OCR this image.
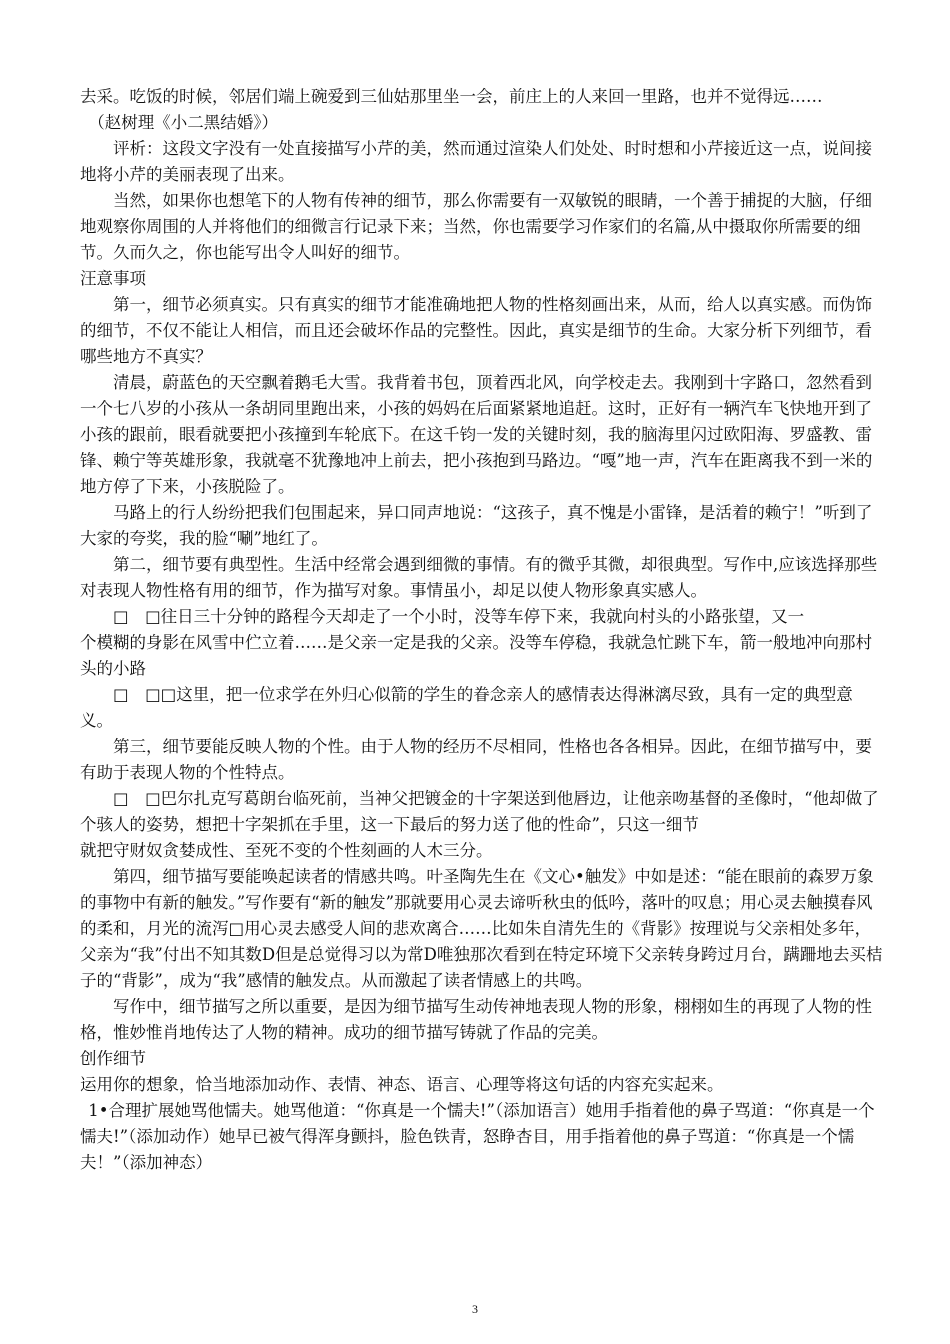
去采。吃饭的时候，邻居们端上碗爱到三仙姑那里坐一会，前庄上的人来回一里路，也并不觉得远……

（赵树理《小二黑结婚》）

评析：这段文字没有一处直接描写小芹的美，然而通过渲染人们处处、时时想和小芹接近这一点，说间接地将小芹的美丽表现了出来。

当然，如果你也想笔下的人物有传神的细节，那么你需要有一双敏锐的眼睛，一个善于捕捉的大脑，仔细地观察你周围的人并将他们的细微言行记录下来；当然，你也需要学习作家们的名篇,从中摄取你所需要的细节。久而久之，你也能写出令人叫好的细节。

汪意事项

第一，细节必须真实。只有真实的细节才能准确地把人物的性格刻画出来，从而，给人以真实感。而伪饰的细节，不仅不能让人相信，而且还会破坏作品的完整性。因此，真实是细节的生命。大家分析下列细节，看哪些地方不真实？

清晨，蔚蓝色的天空飘着鹅毛大雪。我背着书包，顶着西北风，向学校走去。我刚到十字路口，忽然看到一个七八岁的小孩从一条胡同里跑出来，小孩的妈妈在后面紧紧地追赶。这时，正好有一辆汽车飞快地开到了小孩的跟前，眼看就要把小孩撞到车轮底下。在这千钧一发的关键时刻，我的脑海里闪过欧阳海、罗盛教、雷锋、赖宁等英雄形象，我就毫不犹豫地冲上前去，把小孩抱到马路边。“嘎”地一声，汽车在距离我不到一米的地方停了下来，小孩脱险了。

马路上的行人纷纷把我们包围起来，异口同声地说：“这孩子，真不愧是小雷锋，是活着的赖宁！”听到了大家的夸奖，我的脸“唰”地红了。

第二，细节要有典型性。生活中经常会遇到细微的事情。有的微乎其微，却很典型。写作中,应该选择那些对表现人物性格有用的细节，作为描写对象。事情虽小，却足以使人物形象真实感人。

□　□往日三十分钟的路程今天却走了一个小时，没等车停下来，我就向村头的小路张望，又一

个模糊的身影在风雪中伫立着……是父亲一定是我的父亲。没等车停稳，我就急忙跳下车，箭一般地冲向那村头的小路

□　□□这里，把一位求学在外归心似箭的学生的眷念亲人的感情表达得淋漓尽致，具有一定的典型意义。

第三，细节要能反映人物的个性。由于人物的经历不尽相同，性格也各各相异。因此，在细节描写中，要有助于表现人物的个性特点。

□　□巴尔扎克写葛朗台临死前，当神父把镀金的十字架送到他唇边，让他亲吻基督的圣像时，“他却做了个骇人的姿势，想把十字架抓在手里，这一下最后的努力送了他的性命”，只这一细节

就把守财奴贪婪成性、至死不变的个性刻画的人木三分。

第四，细节描写要能唤起读者的情感共鸣。叶圣陶先生在《文心•触发》中如是述：“能在眼前的森罗万象的事物中有新的触发。”写作要有“新的触发”那就要用心灵去谛听秋虫的低吟，落叶的叹息；用心灵去触摸春风的柔和，月光的流泻□用心灵去感受人间的悲欢离合……比如朱自清先生的《背影》按理说与父亲相处多年，父亲为“我”付出不知其数D但是总觉得习以为常D唯独那次看到在特定环境下父亲转身跨过月台，蹒跚地去买桔子的“背影”，成为“我”感情的触发点。从而激起了读者情感上的共鸣。

写作中，细节描写之所以重要，是因为细节描写生动传神地表现人物的形象，栩栩如生的再现了人物的性格，惟妙惟肖地传达了人物的精神。成功的细节描写铸就了作品的完美。

创作细节

运用你的想象，恰当地添加动作、表情、神态、语言、心理等将这句话的内容充实起来。

1•合理扩展她骂他懦夫。她骂他道：“你真是一个懦夫!”（添加语言）她用手指着他的鼻子骂道：“你真是一个懦夫!”（添加动作）她早已被气得浑身颤抖，脸色铁青，怒睁杏目，用手指着他的鼻子骂道：“你真是一个懦夫！”（添加神态）

3
